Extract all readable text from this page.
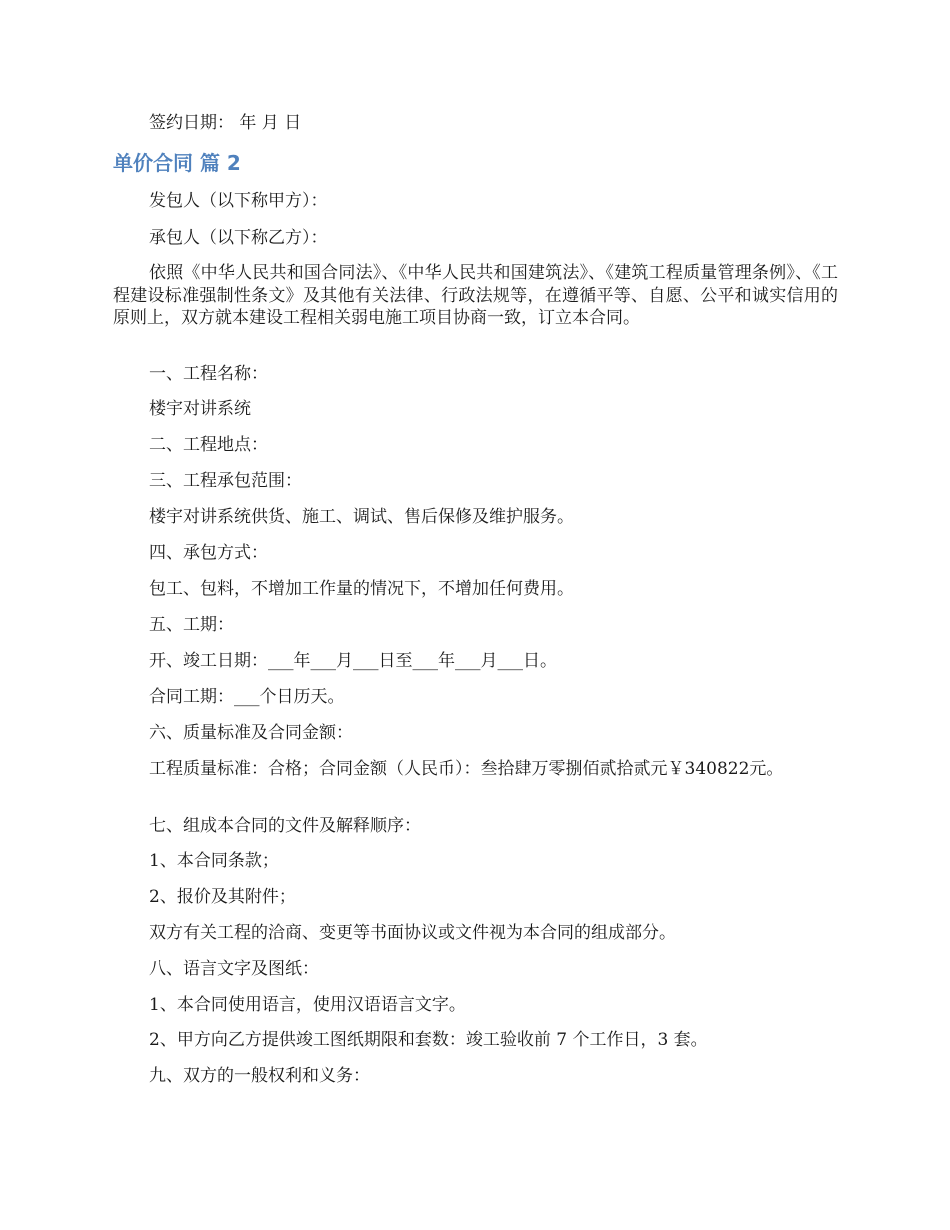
签约日期： 年 月 日
单价合同 篇 2
发包人（以下称甲方）：
承包人（以下称乙方）：
依照《中华人民共和国合同法》、《中华人民共和国建筑法》、《建筑工程质量管理条例》、《工程建设标准强制性条文》及其他有关法律、行政法规等，在遵循平等、自愿、公平和诚实信用的原则上，双方就本建设工程相关弱电施工项目协商一致，订立本合同。
一、工程名称：
楼宇对讲系统
二、工程地点：
三、工程承包范围：
楼宇对讲系统供货、施工、调试、售后保修及维护服务。
四、承包方式：
包工、包料，不增加工作量的情况下，不增加任何费用。
五、工期：
开、竣工日期：___年___月___日至___年___月___日。
合同工期：___个日历天。
六、质量标准及合同金额：
工程质量标准：合格；合同金额（人民币）：叁拾肆万零捌佰贰拾贰元￥340822元。
七、组成本合同的文件及解释顺序：
1、本合同条款；
2、报价及其附件；
双方有关工程的洽商、变更等书面协议或文件视为本合同的组成部分。
八、语言文字及图纸：
1、本合同使用语言，使用汉语语言文字。
2、甲方向乙方提供竣工图纸期限和套数：竣工验收前 7 个工作日，3 套。
九、双方的一般权利和义务：
